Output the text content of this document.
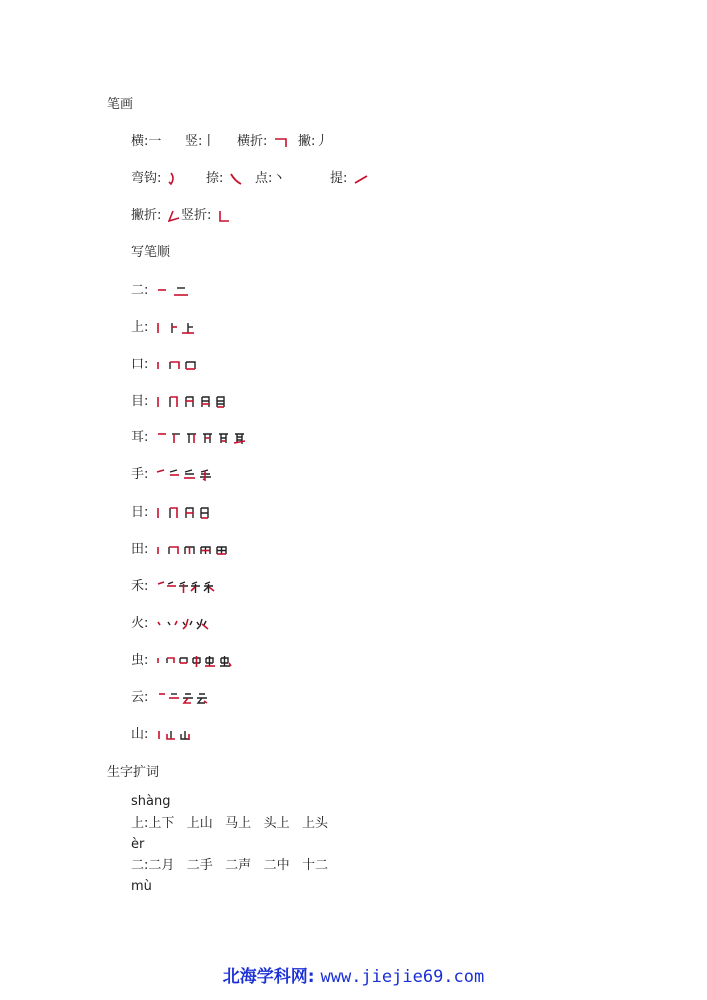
笔画
横:一 竖:丨 横折:	撇:丿
弯钩:	捺:	点:丶	提:
撇折:	竖折:
写笔顺
二:
上:
口:
目:
耳:
手:
日:
田:
禾:
火:
虫:
云:
山:
生字扩词
shàng
上:上下   上山   马上   头上   上头
èr
二:二月   二手   二声   二中   十二
mù
北海学科网: www.jiejie69.com
